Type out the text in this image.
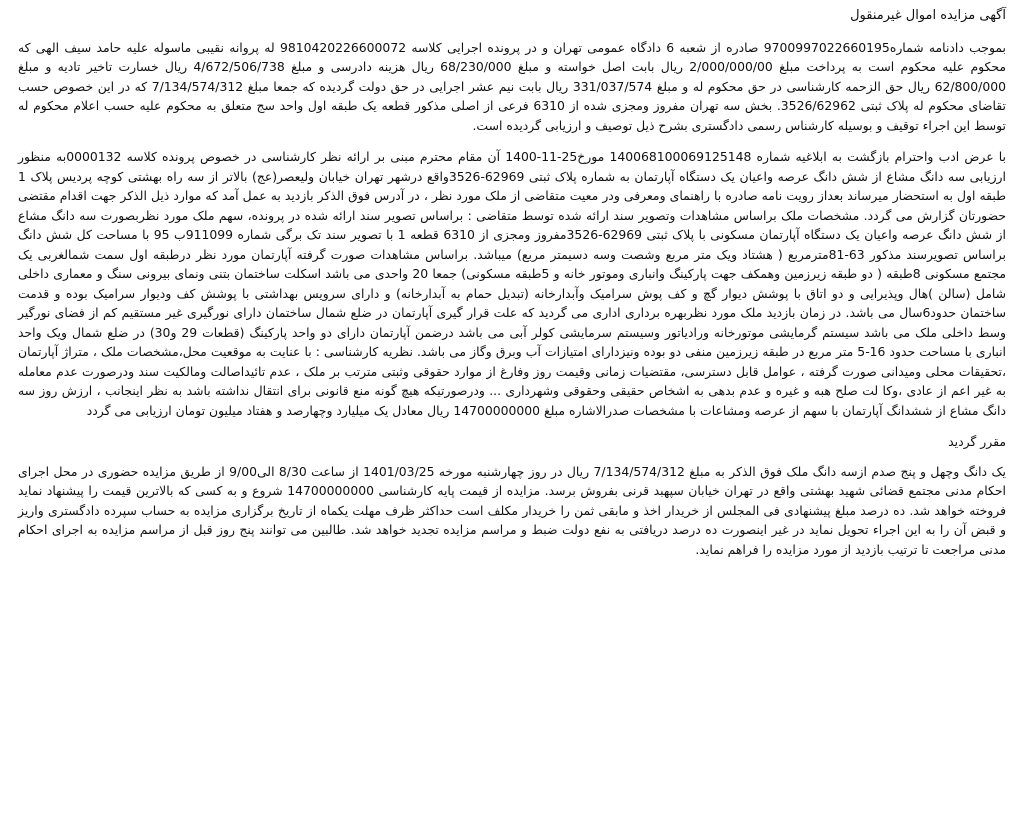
آگهی مزایده اموال غیرمنقول

بموجب دادنامه شماره9700997022660195 صادره از شعبه 6 دادگاه عمومی تهران و در پرونده اجرایی کلاسه 9810420226600072 له پروانه نقیبی ماسوله علیه حامد سیف الهی که محکوم علیه محکوم است به پرداخت مبلغ 2/000/000/00 ریال بابت اصل خواسته و مبلغ 68/230/000 ریال هزینه دادرسی و مبلغ 4/672/506/738 ریال خسارت تاخیر تادیه و مبلغ 62/800/000 ریال حق الزحمه کارشناسی در حق محکوم له و مبلغ 331/037/574 ریال بابت نیم عشر اجرایی در حق دولت گردیده که جمعا مبلغ 7/134/574/312 که در این خصوص حسب تقاضای محکوم له پلاک ثبتی 3526/62962. بخش سه تهران مفروز ومجزی شده از 6310 فرعی از اصلی مذکور قطعه یک طبقه اول واحد سج متعلق به محکوم علیه حسب اعلام محکوم له توسط این اجراء توقیف و بوسیله کارشناس رسمی دادگستری بشرح ذیل توصیف و ارزیابی گردیده است.

با عرض ادب واحترام بازگشت به ابلاغیه شماره 140068100069125148 مورخ25-11-1400 آن مقام محترم مبنی بر ارائه نظر کارشناسی در خصوص پرونده کلاسه 0000132به منظور ارزیابی سه دانگ مشاع از شش دانگ عرصه واعیان یک دستگاه آپارتمان به شماره پلاک ثبتی 62969-3526واقع درشهر تهران خیابان ولیعصر(عج) بالاتر از سه راه بهشتی کوچه پردیس پلاک 1 طبقه اول به استحضار میرساند بعداز رویت نامه صادره با راهنمای ومعرفی ودر معیت متقاضی از ملک مورد نظر ، در آدرس فوق الذکر بازدید به عمل آمد که موارد ذیل الذکر جهت اقدام مقتضی حضورتان گزارش می گردد. مشخصات ملک براساس مشاهدات وتصویر سند ارائه شده توسط متقاضی : براساس تصویر سند ارائه شده در پرونده، سهم ملک مورد نظربصورت سه دانگ مشاع از شش دانگ عرصه واعیان یک دستگاه آپارتمان مسکونی با پلاک ثبتی 62969-3526مفروز ومجزی از 6310 قطعه 1 با تصویر سند تک برگی شماره 911099ب 95 با مساحت کل شش دانگ براساس تصویرسند مذکور 63-81مترمربع ( هشتاد ویک متر مربع وشصت وسه دسیمتر مربع) میباشد. براساس مشاهدات صورت گرفته آپارتمان مورد نظر درطبقه اول سمت شمالغربی یک مجتمع مسکونی 8طبقه ( دو طبقه زیرزمین وهمکف جهت پارکینگ وانباری وموتور خانه و 5طبقه مسکونی) جمعا 20 واحدی می باشد اسکلت ساختمان بتنی ونمای بیرونی سنگ و معماری داخلی شامل (سالن )هال وپذیرایی و دو اتاق با پوشش دیوار گچ و کف پوش سرامیک وآبدارخانه (تبدیل حمام به آبدارخانه) و دارای سرویس بهداشتی با پوشش کف ودیوار سرامیک بوده و قدمت ساختمان حدود6سال می باشد. در زمان بازدید ملک مورد نظربهره برداری اداری می گردید که علت قرار گیری آپارتمان در ضلع شمال ساختمان دارای نورگیری غیر مستقیم کم از فضای نورگیر وسط داخلی ملک می باشد سیستم گرمایشی موتورخانه ورادیاتور وسیستم سرمایشی کولر آبی می باشد درضمن آپارتمان دارای دو واحد پارکینگ (قطعات 29 و30) در ضلع شمال ویک واحد انباری با مساحت حدود 16-5 متر مربع در طبقه زیرزمین منفی دو بوده ونیزدارای امتیازات آب وبرق وگاز می باشد. نظریه کارشناسی : با عنایت به موقعیت محل،مشخصات ملک ، متراژ آپارتمان ،تحقیقات محلی ومیدانی صورت گرفته ، عوامل قابل دسترسی، مقتضیات زمانی وقیمت روز وفارغ از موارد حقوقی وثبتی مترتب بر ملک ، عدم تائیداصالت ومالکیت سند ودرصورت عدم معامله به غیر اعم از عادی ،وکا لت صلح هبه و غیره و عدم بدهی به اشخاص حقیقی وحقوقی وشهرداری ... ودرصورتیکه هیچ گونه منع قانونی برای انتقال نداشته باشد به نظر اینجانب ، ارزش روز سه دانگ مشاع از ششدانگ آپارتمان با سهم از عرصه ومشاعات با مشخصات صدرالاشاره مبلغ 14700000000 ریال معادل یک میلیارد وچهارصد و هفتاد میلیون تومان ارزیابی می گردد

مقرر گردید

یک دانگ وچهل و پنج صدم ازسه دانگ ملک فوق الذکر به مبلغ 7/134/574/312 ریال در روز چهارشنبه مورخه 1401/03/25 از ساعت 8/30 الی9/00 از طریق مزایده حضوری در محل اجرای احکام مدنی مجتمع قضائی شهید بهشتی واقع در تهران خیابان سپهبد قرنی بفروش برسد. مزایده از قیمت پایه کارشناسی 14700000000 شروع و به کسی که بالاترین قیمت را پیشنهاد نماید فروخته خواهد شد. ده درصد مبلغ پیشنهادی فی المجلس از خریدار اخذ و مابقی ثمن را خریدار مکلف است حداکثر ظرف مهلت یکماه از تاریخ برگزاری مزایده به حساب سپرده دادگستری واریز و قبض آن را به این اجراء تحویل نماید در غیر اینصورت ده درصد دریافتی به نفع دولت ضبط و مراسم مزایده تجدید خواهد شد. طالبین می توانند پنج روز قبل از مراسم مزایده به اجرای احکام مدنی مراجعت تا ترتیب بازدید از مورد مزایده را فراهم نماید.
